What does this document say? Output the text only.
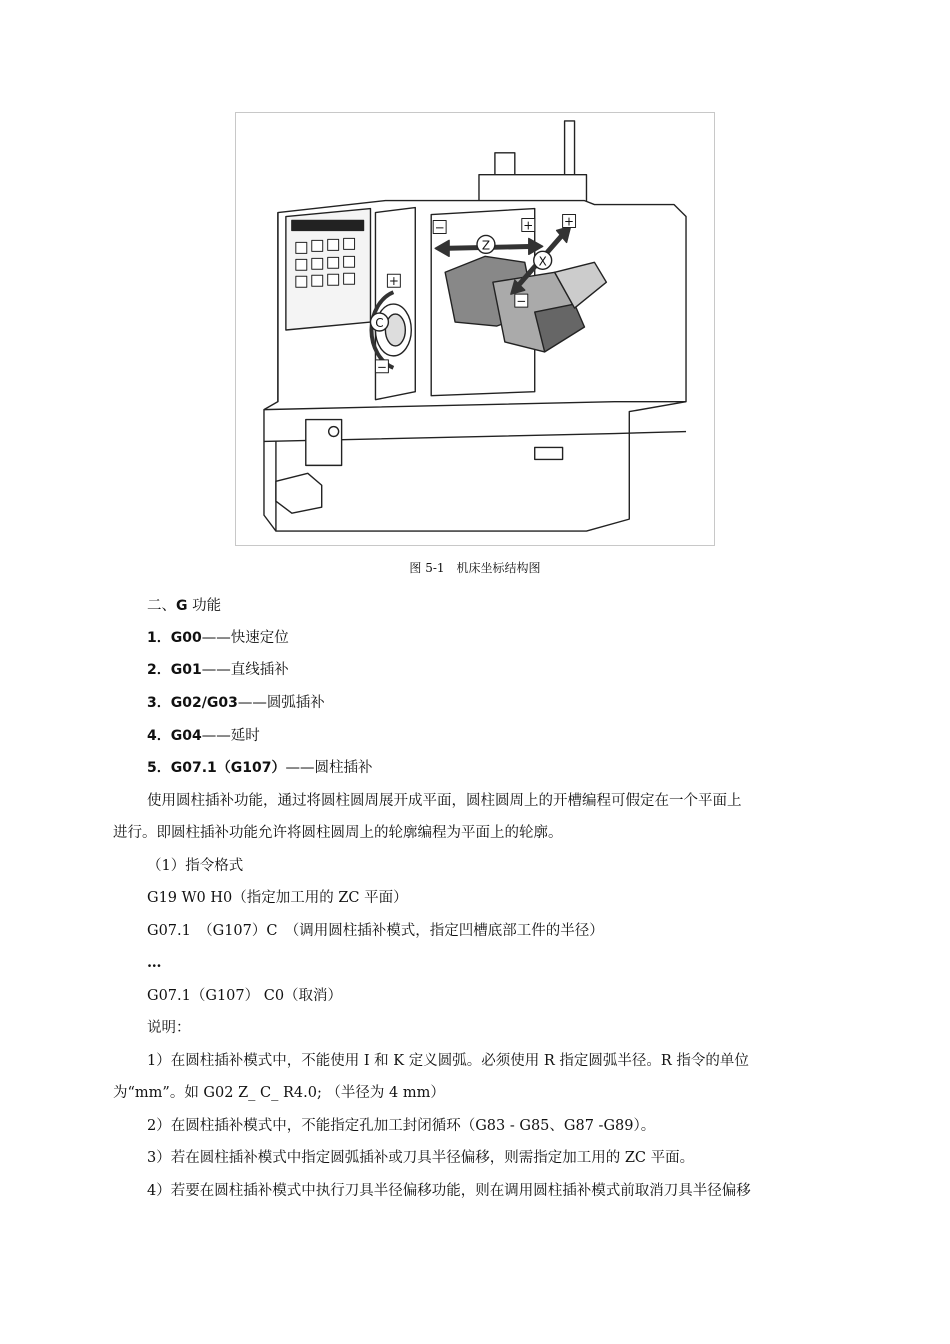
Z
X
C
−	+	+
−
+
−
图 5-1　机床坐标结构图
二、G 功能
1．G00——快速定位
2．G01——直线插补
3．G02/G03——圆弧插补
4．G04——延时
5．G07.1（G107）——圆柱插补
使用圆柱插补功能，通过将圆柱圆周展开成平面，圆柱圆周上的开槽编程可假定在一个平面上
进行。即圆柱插补功能允许将圆柱圆周上的轮廓编程为平面上的轮廓。
（1）指令格式
G19 W0 H0（指定加工用的 ZC 平面）
G07.1　（G107）C　（调用圆柱插补模式，指定凹槽底部工件的半径）
…
G07.1（G107） C0（取消）
说明：
1）在圆柱插补模式中，不能使用 I 和 K 定义圆弧。必须使用 R 指定圆弧半径。R 指令的单位
为“mm”。如 G02 Z_ C_ R4.0; （半径为 4 mm）
2）在圆柱插补模式中，不能指定孔加工封闭循环（G83 - G85、G87 -G89）。
3）若在圆柱插补模式中指定圆弧插补或刀具半径偏移，则需指定加工用的 ZC 平面。
4）若要在圆柱插补模式中执行刀具半径偏移功能，则在调用圆柱插补模式前取消刀具半径偏移
